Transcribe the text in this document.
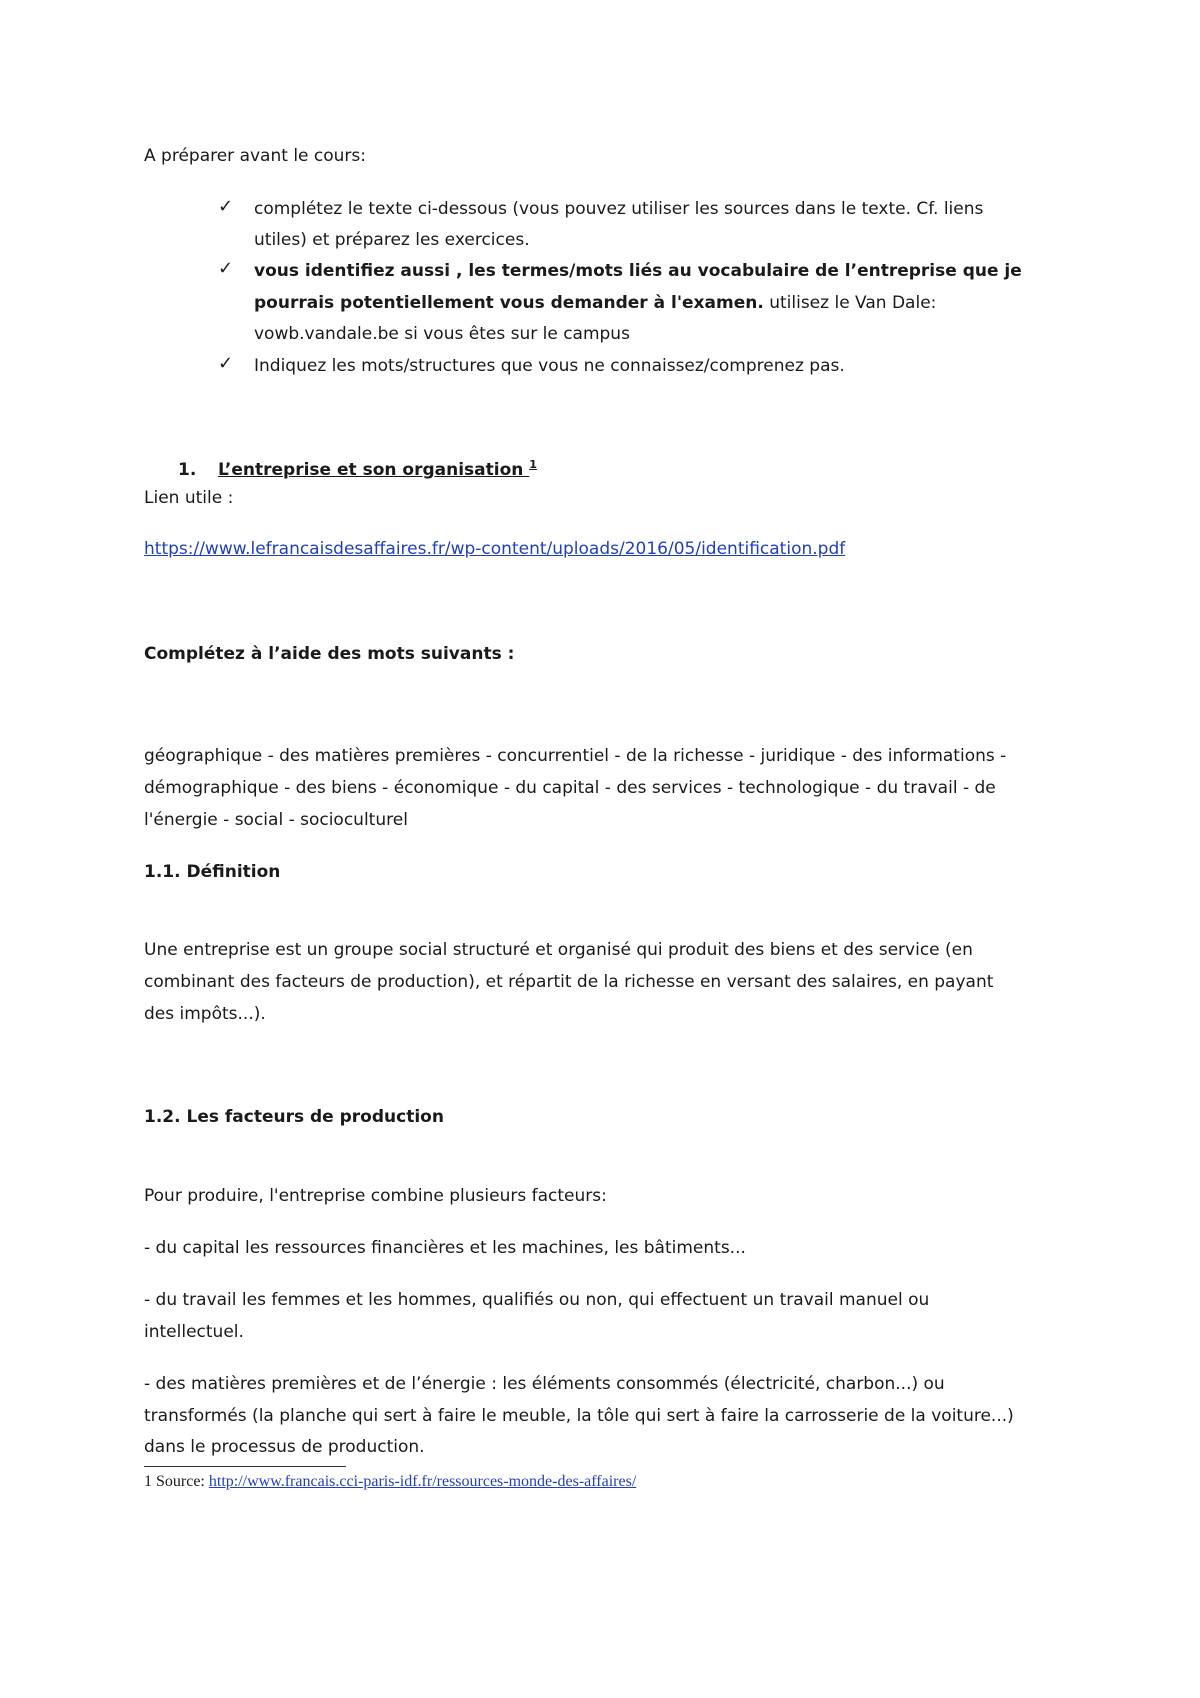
A préparer avant le cours:
✓ complétez le texte ci-dessous (vous pouvez utiliser les sources dans le texte. Cf. liens
utiles) et préparez les exercices.
✓ vous identifiez aussi , les termes/mots liés au vocabulaire de l’entreprise que je
pourrais potentiellement vous demander à l'examen. utilisez le Van Dale:
vowb.vandale.be si vous êtes sur le campus
✓ Indiquez les mots/structures que vous ne connaissez/comprenez pas.
1. L’entreprise et son organisation $^1$
Lien utile :
https://www.lefrancaisdesaffaires.fr/wp-content/uploads/2016/05/identification.pdf
Complétez à l’aide des mots suivants :
géographique - des matières premières - concurrentiel - de la richesse - juridique - des informations -
démographique - des biens - économique - du capital - des services - technologique - du travail - de
l'énergie - social - socioculturel
1.1. Définition
Une entreprise est un groupe social structuré et organisé qui produit des biens et des service (en
combinant des facteurs de production), et répartit de la richesse en versant des salaires, en payant
des impôts...).
1.2. Les facteurs de production
Pour produire, l'entreprise combine plusieurs facteurs:
- du capital les ressources financières et les machines, les bâtiments...
- du travail les femmes et les hommes, qualifiés ou non, qui effectuent un travail manuel ou
intellectuel.
- des matières premières et de l’énergie : les éléments consommés (électricité, charbon...) ou
transformés (la planche qui sert à faire le meuble, la tôle qui sert à faire la carrosserie de la voiture...)
dans le processus de production.
1 Source: http://www.francais.cci-paris-idf.fr/ressources-monde-des-affaires/
